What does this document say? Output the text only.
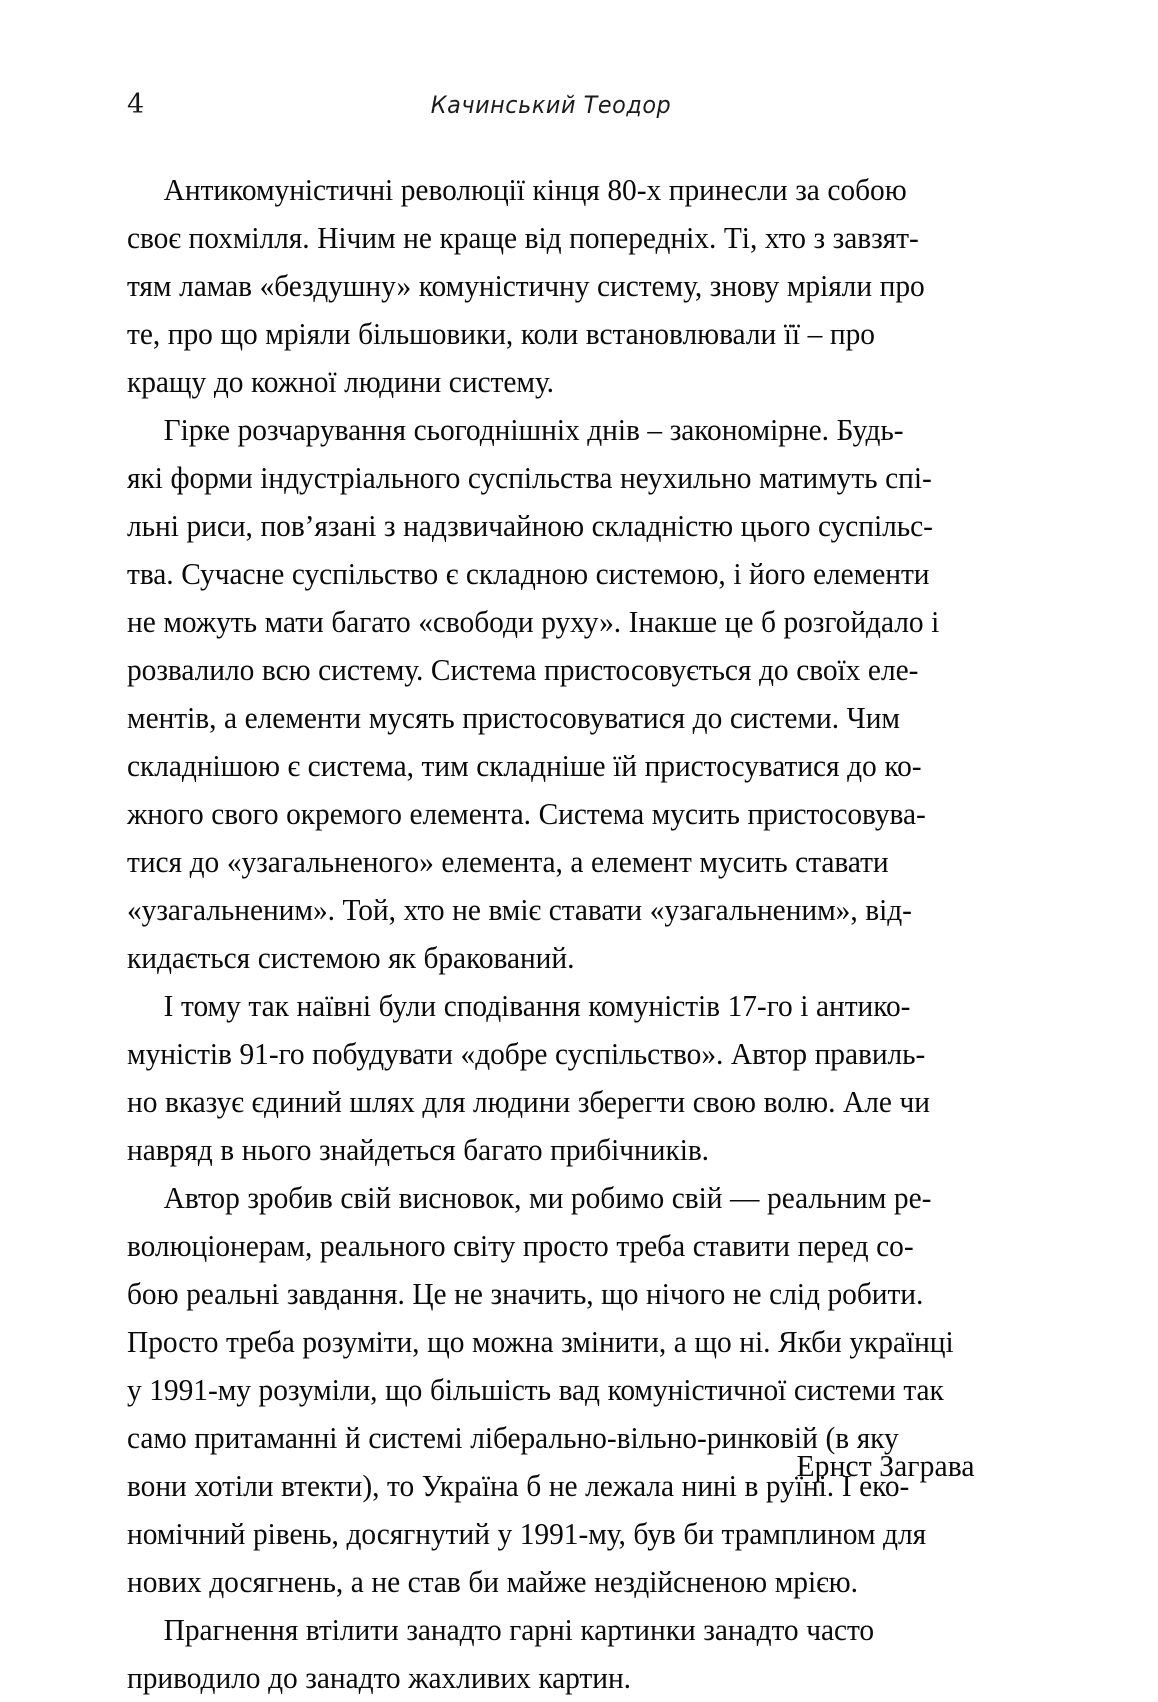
4	Качинський Теодор

Антикомуністичні революції кінця 80-х принесли за собою
своє похмілля. Нічим не краще від попередніх. Ті, хто з завзят-
тям ламав «бездушну» комуністичну систему, знову мріяли про
те, про що мріяли більшовики, коли встановлювали її – про
кращу до кожної людини систему.

Гірке розчарування сьогоднішніх днів – закономірне. Будь-
які форми індустріального суспільства неухильно матимуть спі-
льні риси, пов’язані з надзвичайною складністю цього суспільс-
тва. Сучасне суспільство є складною системою, і його елементи
не можуть мати багато «свободи руху». Інакше це б розгойдало і
розвалило всю систему. Система пристосовується до своїх еле-
ментів, а елементи мусять пристосовуватися до системи. Чим
складнішою є система, тим складніше їй пристосуватися до ко-
жного свого окремого елемента. Система мусить пристосовува-
тися до «узагальненого» елемента, а елемент мусить ставати
«узагальненим». Той, хто не вміє ставати «узагальненим», від-
кидається системою як бракований.

І тому так наївні були сподівання комуністів 17-го і антико-
муністів 91-го побудувати «добре суспільство». Автор правиль-
но вказує єдиний шлях для людини зберегти свою волю. Але чи
навряд в нього знайдеться багато прибічників.

Автор зробив свій висновок, ми робимо свій — реальним ре-
волюціонерам, реального світу просто треба ставити перед со-
бою реальні завдання. Це не значить, що нічого не слід робити.
Просто треба розуміти, що можна змінити, а що ні. Якби українці
у 1991-му розуміли, що більшість вад комуністичної системи так
само притаманні й системі ліберально-вільно-ринковій (в яку
вони хотіли втекти), то Україна б не лежала нині в руїні. І еко-
номічний рівень, досягнутий у 1991-му, був би трамплином для
нових досягнень, а не став би майже нездійсненою мрією.

Прагнення втілити занадто гарні картинки занадто часто
приводило до занадто жахливих картин.

Ернст Заграва
